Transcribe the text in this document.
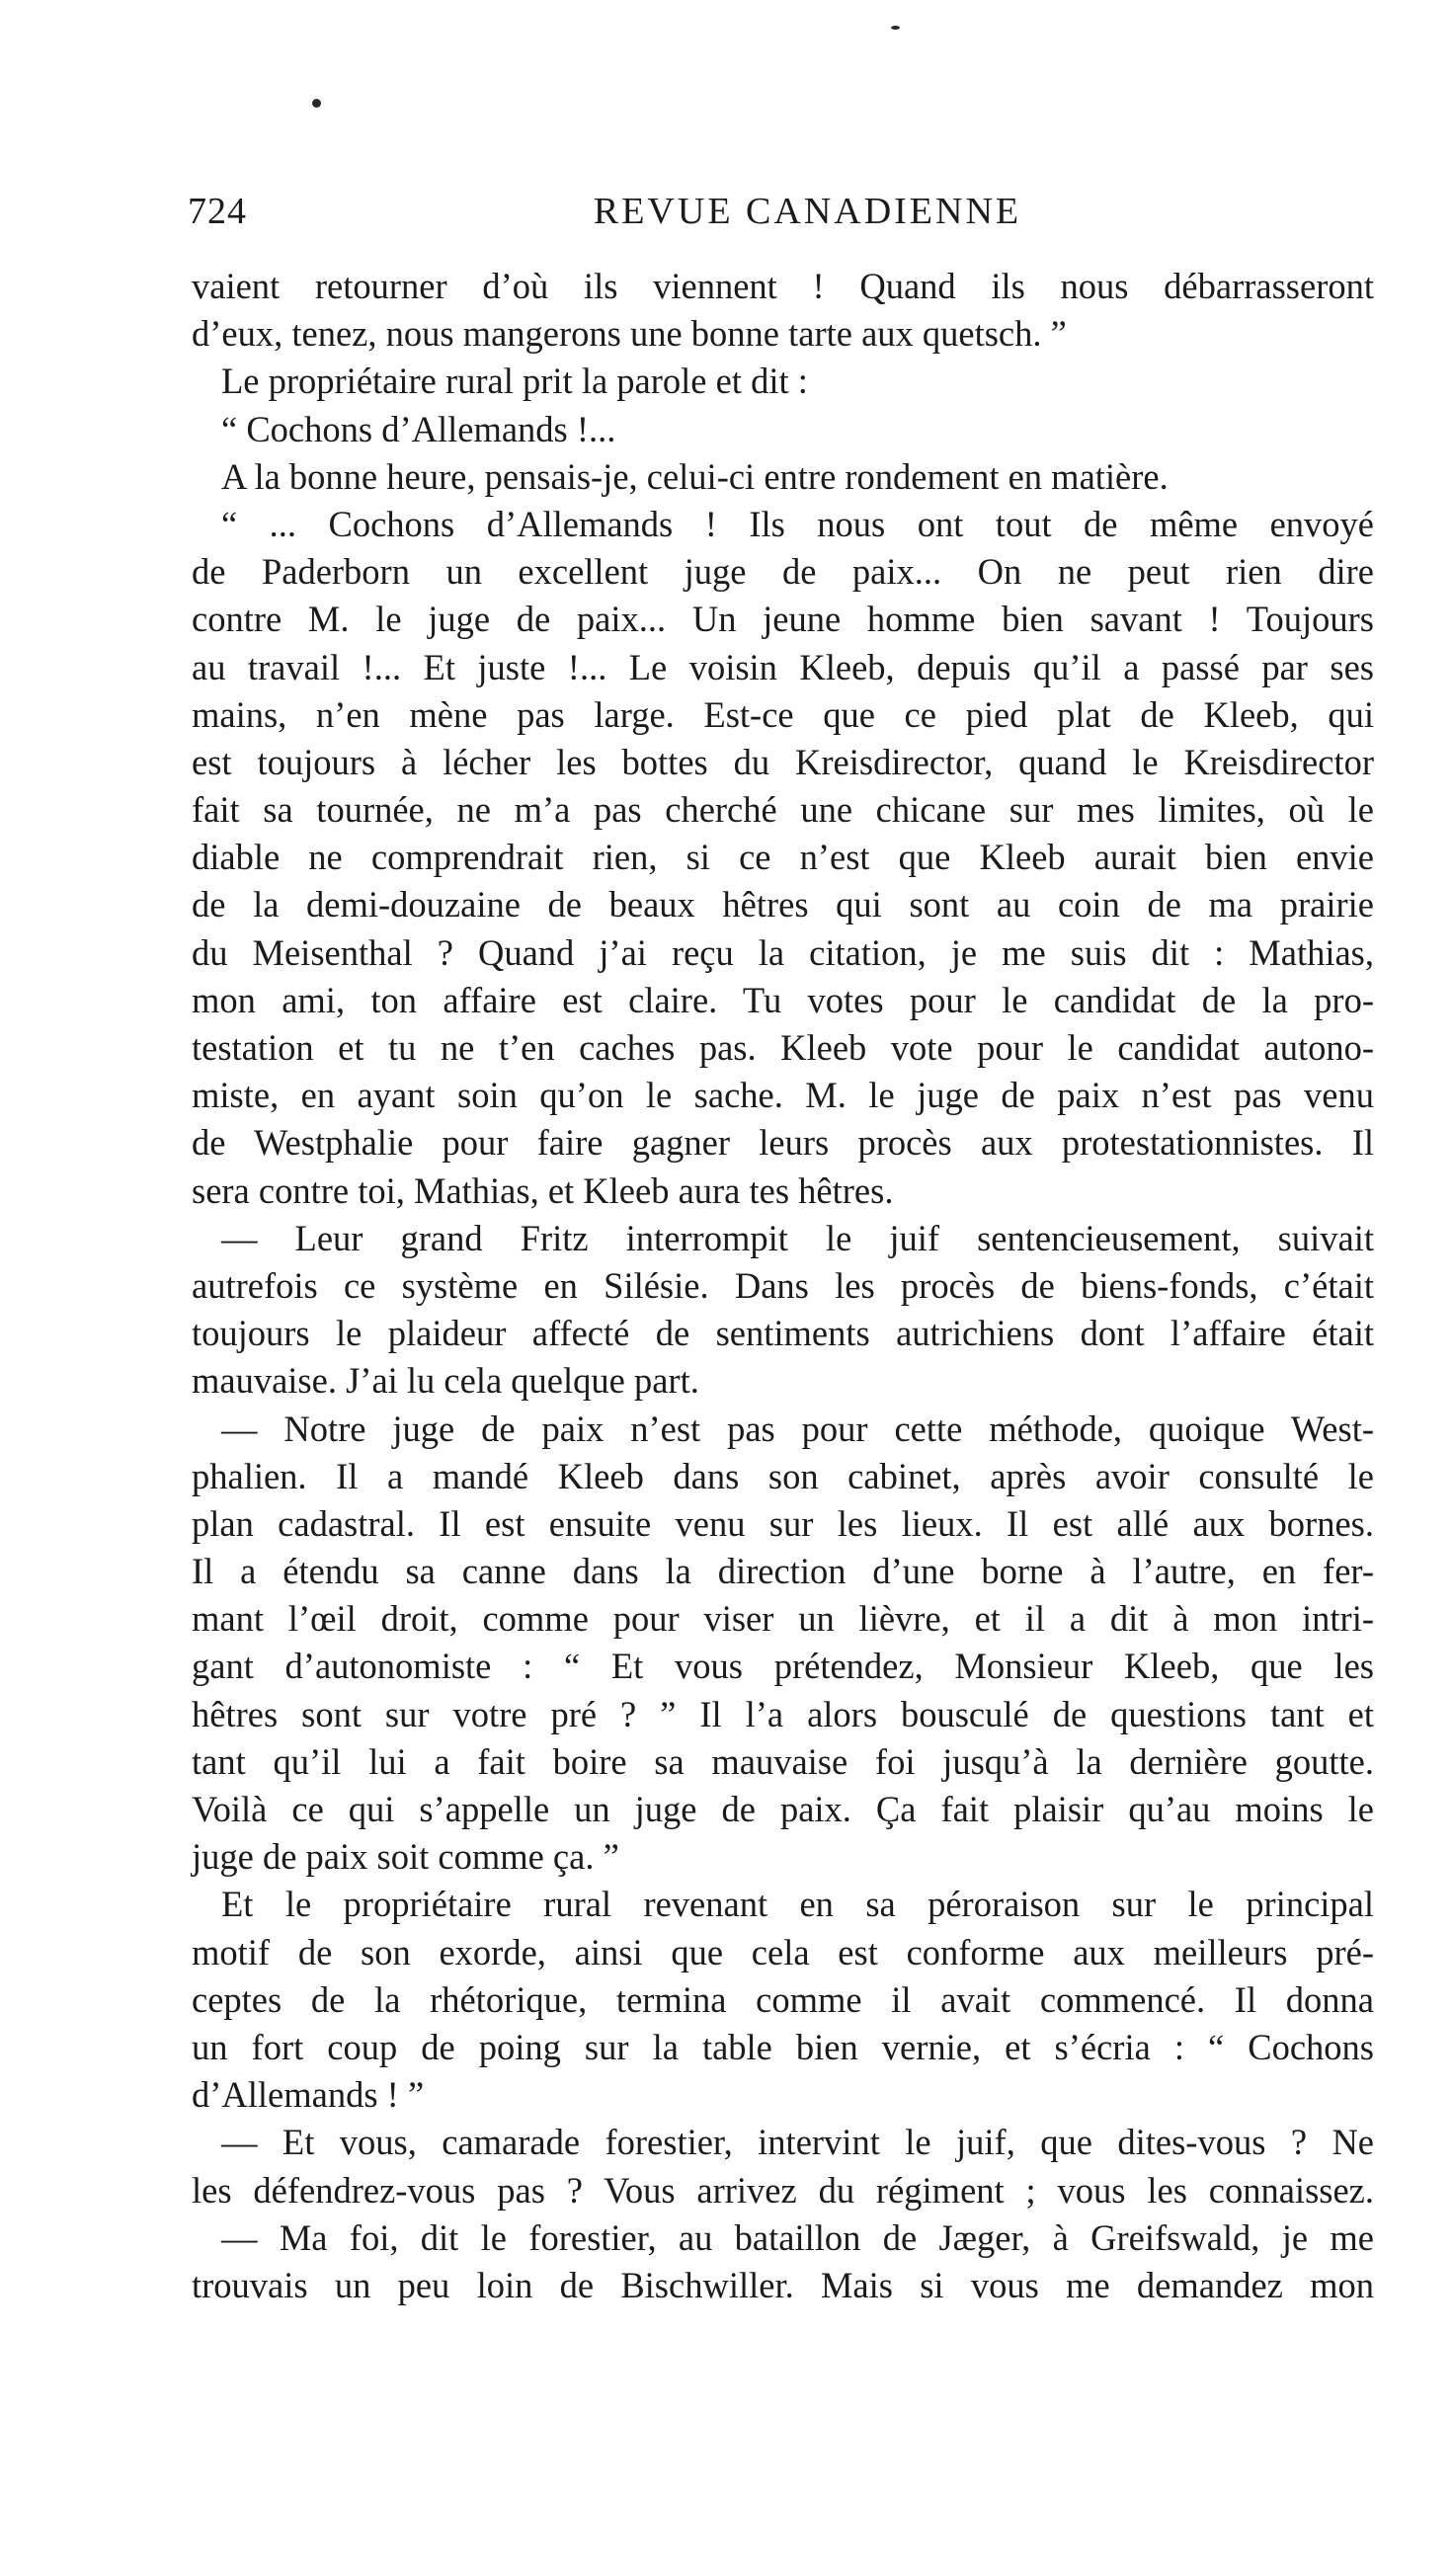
724	REVUE CANADIENNE
vaient retourner d’où ils viennent ! Quand ils nous débarrasseront
d’eux, tenez, nous mangerons une bonne tarte aux quetsch. ”
Le propriétaire rural prit la parole et dit :
“ Cochons d’Allemands !...
A la bonne heure, pensais-je, celui-ci entre rondement en matière.
“ ... Cochons d’Allemands ! Ils nous ont tout de même envoyé
de Paderborn un excellent juge de paix... On ne peut rien dire
contre M. le juge de paix... Un jeune homme bien savant ! Toujours
au travail !... Et juste !... Le voisin Kleeb, depuis qu’il a passé par ses
mains, n’en mène pas large. Est-ce que ce pied plat de Kleeb, qui
est toujours à lécher les bottes du Kreisdirector, quand le Kreisdirector
fait sa tournée, ne m’a pas cherché une chicane sur mes limites, où le
diable ne comprendrait rien, si ce n’est que Kleeb aurait bien envie
de la demi-douzaine de beaux hêtres qui sont au coin de ma prairie
du Meisenthal ? Quand j’ai reçu la citation, je me suis dit : Mathias,
mon ami, ton affaire est claire. Tu votes pour le candidat de la pro-
testation et tu ne t’en caches pas. Kleeb vote pour le candidat autono-
miste, en ayant soin qu’on le sache. M. le juge de paix n’est pas venu
de Westphalie pour faire gagner leurs procès aux protestationnistes. Il
sera contre toi, Mathias, et Kleeb aura tes hêtres.
— Leur grand Fritz interrompit le juif sentencieusement, suivait
autrefois ce système en Silésie. Dans les procès de biens-fonds, c’était
toujours le plaideur affecté de sentiments autrichiens dont l’affaire était
mauvaise. J’ai lu cela quelque part.
— Notre juge de paix n’est pas pour cette méthode, quoique West-
phalien. Il a mandé Kleeb dans son cabinet, après avoir consulté le
plan cadastral. Il est ensuite venu sur les lieux. Il est allé aux bornes.
Il a étendu sa canne dans la direction d’une borne à l’autre, en fer-
mant l’œil droit, comme pour viser un lièvre, et il a dit à mon intri-
gant d’autonomiste : “ Et vous prétendez, Monsieur Kleeb, que les
hêtres sont sur votre pré ? ” Il l’a alors bousculé de questions tant et
tant qu’il lui a fait boire sa mauvaise foi jusqu’à la dernière goutte.
Voilà ce qui s’appelle un juge de paix. Ça fait plaisir qu’au moins le
juge de paix soit comme ça. ”
Et le propriétaire rural revenant en sa péroraison sur le principal
motif de son exorde, ainsi que cela est conforme aux meilleurs pré-
ceptes de la rhétorique, termina comme il avait commencé. Il donna
un fort coup de poing sur la table bien vernie, et s’écria : “ Cochons
d’Allemands ! ”
— Et vous, camarade forestier, intervint le juif, que dites-vous ? Ne
les défendrez-vous pas ? Vous arrivez du régiment ; vous les connaissez.
— Ma foi, dit le forestier, au bataillon de Jæger, à Greifswald, je me
trouvais un peu loin de Bischwiller. Mais si vous me demandez mon
